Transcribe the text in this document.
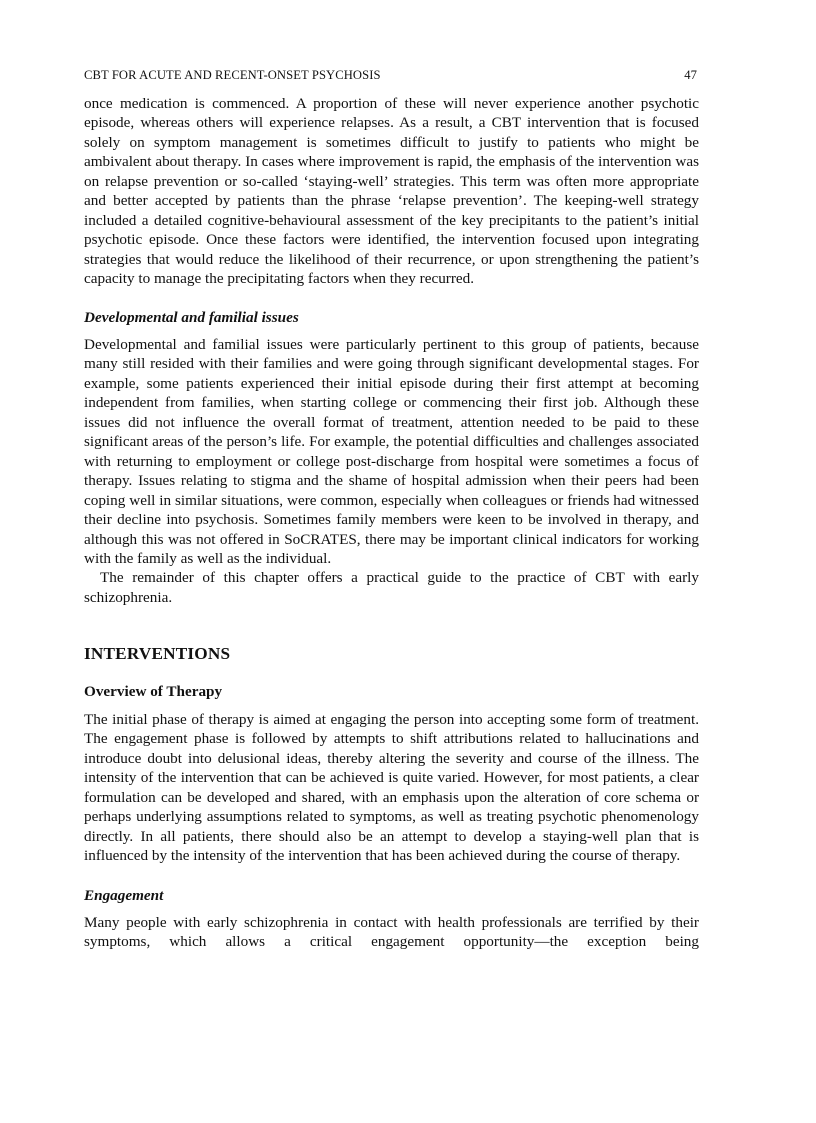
CBT FOR ACUTE AND RECENT-ONSET PSYCHOSIS	47

once medication is commenced. A proportion of these will never experience another psychotic episode, whereas others will experience relapses. As a result, a CBT intervention that is focused solely on symptom management is sometimes difficult to justify to patients who might be ambivalent about therapy. In cases where improvement is rapid, the emphasis of the intervention was on relapse prevention or so-called ‘staying-well’ strategies. This term was often more appropriate and better accepted by patients than the phrase ‘relapse prevention’. The keeping-well strategy included a detailed cognitive-behavioural assessment of the key precipitants to the patient’s initial psychotic episode. Once these factors were identified, the intervention focused upon integrating strategies that would reduce the likelihood of their recurrence, or upon strengthening the patient’s capacity to manage the precipitating factors when they recurred.

Developmental and familial issues

Developmental and familial issues were particularly pertinent to this group of patients, because many still resided with their families and were going through significant developmental stages. For example, some patients experienced their initial episode during their first attempt at becoming independent from families, when starting college or commencing their first job. Although these issues did not influence the overall format of treatment, attention needed to be paid to these significant areas of the person’s life. For example, the potential difficulties and challenges associated with returning to employment or college post-discharge from hospital were sometimes a focus of therapy. Issues relating to stigma and the shame of hospital admission when their peers had been coping well in similar situations, were common, especially when colleagues or friends had witnessed their decline into psychosis. Sometimes family members were keen to be involved in therapy, and although this was not offered in SoCRATES, there may be important clinical indicators for working with the family as well as the individual.

The remainder of this chapter offers a practical guide to the practice of CBT with early schizophrenia.

INTERVENTIONS
Overview of Therapy

The initial phase of therapy is aimed at engaging the person into accepting some form of treatment. The engagement phase is followed by attempts to shift attributions related to hallucinations and introduce doubt into delusional ideas, thereby altering the severity and course of the illness. The intensity of the intervention that can be achieved is quite varied. However, for most patients, a clear formulation can be developed and shared, with an emphasis upon the alteration of core schema or perhaps underlying assumptions related to symptoms, as well as treating psychotic phenomenology directly. In all patients, there should also be an attempt to develop a staying-well plan that is influenced by the intensity of the intervention that has been achieved during the course of therapy.

Engagement

Many people with early schizophrenia in contact with health professionals are terrified by their symptoms, which allows a critical engagement opportunity—the exception being
